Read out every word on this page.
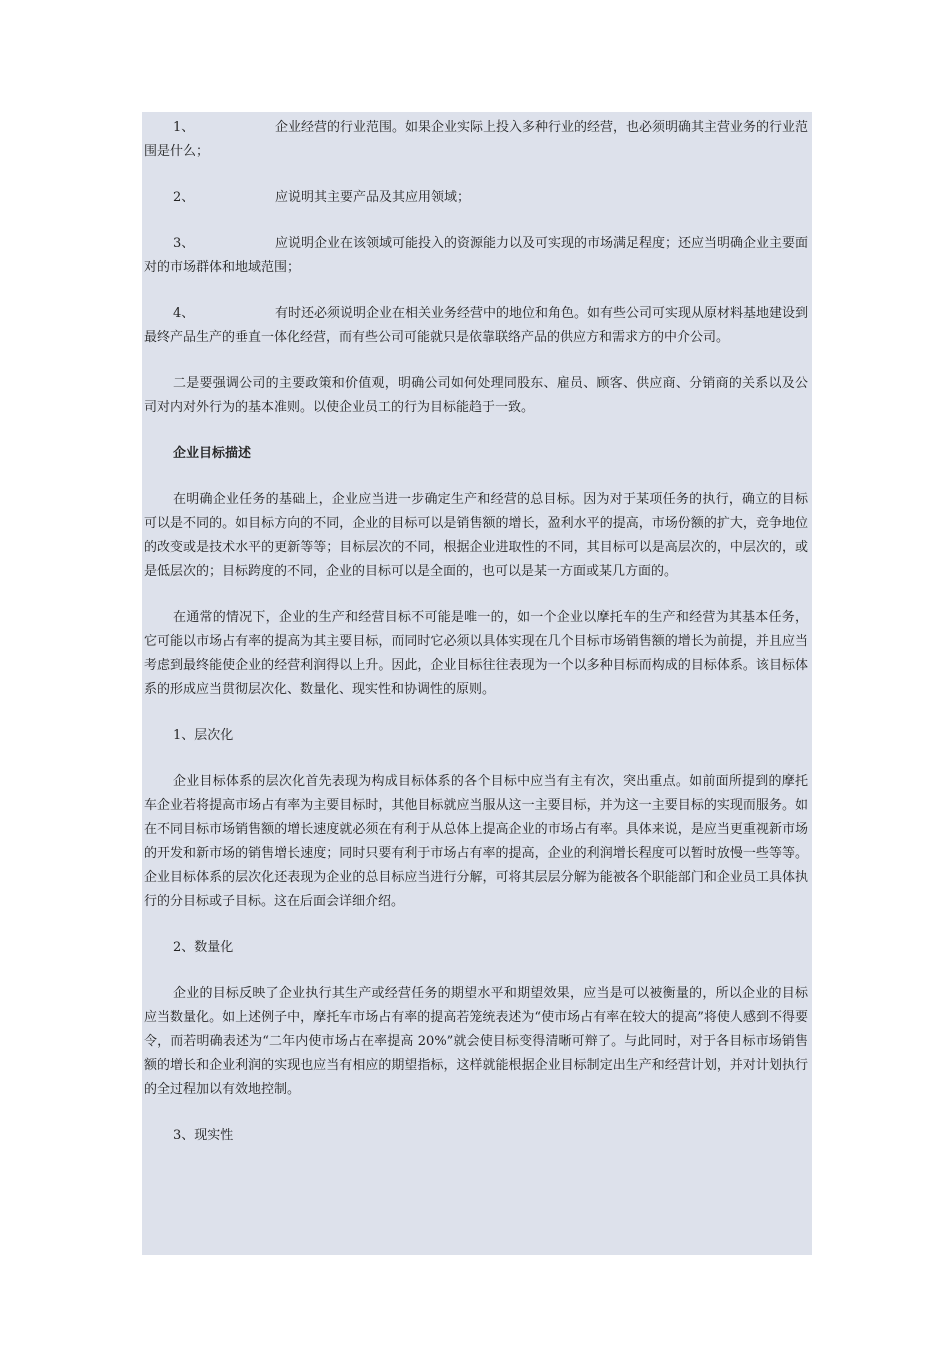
1、	企业经营的行业范围。如果企业实际上投入多种行业的经营，也必须明确其主营业务的行业范围是什么；

2、	应说明其主要产品及其应用领域；

3、	应说明企业在该领域可能投入的资源能力以及可实现的市场满足程度；还应当明确企业主要面对的市场群体和地域范围；

4、	有时还必须说明企业在相关业务经营中的地位和角色。如有些公司可实现从原材料基地建设到最终产品生产的垂直一体化经营，而有些公司可能就只是依靠联络产品的供应方和需求方的中介公司。

二是要强调公司的主要政策和价值观，明确公司如何处理同股东、雇员、顾客、供应商、分销商的关系以及公司对内对外行为的基本准则。以使企业员工的行为目标能趋于一致。

企业目标描述

在明确企业任务的基础上，企业应当进一步确定生产和经营的总目标。因为对于某项任务的执行，确立的目标可以是不同的。如目标方向的不同，企业的目标可以是销售额的增长，盈利水平的提高，市场份额的扩大，竞争地位的改变或是技术水平的更新等等；目标层次的不同，根据企业进取性的不同，其目标可以是高层次的，中层次的，或是低层次的；目标跨度的不同，企业的目标可以是全面的，也可以是某一方面或某几方面的。

在通常的情况下，企业的生产和经营目标不可能是唯一的，如一个企业以摩托车的生产和经营为其基本任务，它可能以市场占有率的提高为其主要目标，而同时它必须以具体实现在几个目标市场销售额的增长为前提，并且应当考虑到最终能使企业的经营利润得以上升。因此，企业目标往往表现为一个以多种目标而构成的目标体系。该目标体系的形成应当贯彻层次化、数量化、现实性和协调性的原则。

1、层次化

企业目标体系的层次化首先表现为构成目标体系的各个目标中应当有主有次，突出重点。如前面所提到的摩托车企业若将提高市场占有率为主要目标时，其他目标就应当服从这一主要目标，并为这一主要目标的实现而服务。如在不同目标市场销售额的增长速度就必须在有利于从总体上提高企业的市场占有率。具体来说，是应当更重视新市场的开发和新市场的销售增长速度；同时只要有利于市场占有率的提高，企业的利润增长程度可以暂时放慢一些等等。企业目标体系的层次化还表现为企业的总目标应当进行分解，可将其层层分解为能被各个职能部门和企业员工具体执行的分目标或子目标。这在后面会详细介绍。

2、数量化

企业的目标反映了企业执行其生产或经营任务的期望水平和期望效果，应当是可以被衡量的，所以企业的目标应当数量化。如上述例子中，摩托车市场占有率的提高若笼统表述为“使市场占有率在较大的提高”将使人感到不得要令，而若明确表述为“二年内使市场占在率提高 20%”就会使目标变得清晰可辩了。与此同时，对于各目标市场销售额的增长和企业利润的实现也应当有相应的期望指标，这样就能根据企业目标制定出生产和经营计划，并对计划执行的全过程加以有效地控制。

3、现实性
